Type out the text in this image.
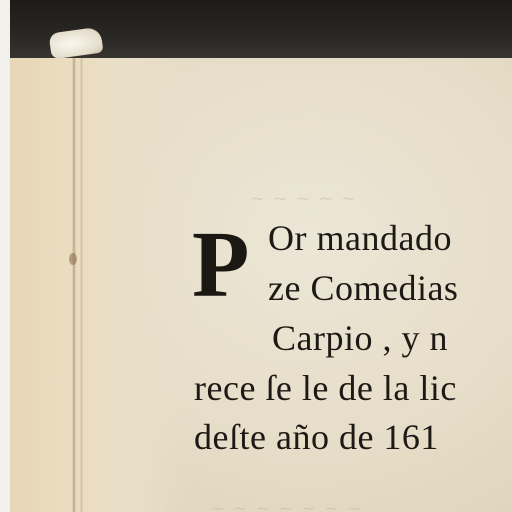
~ ~ ~ ~ ~
~ ~ ~ ~ ~ ~ ~

P Or mandado

ze Comedias

Carpio , y n

rece ſe le de la lic

deſte año de 161
